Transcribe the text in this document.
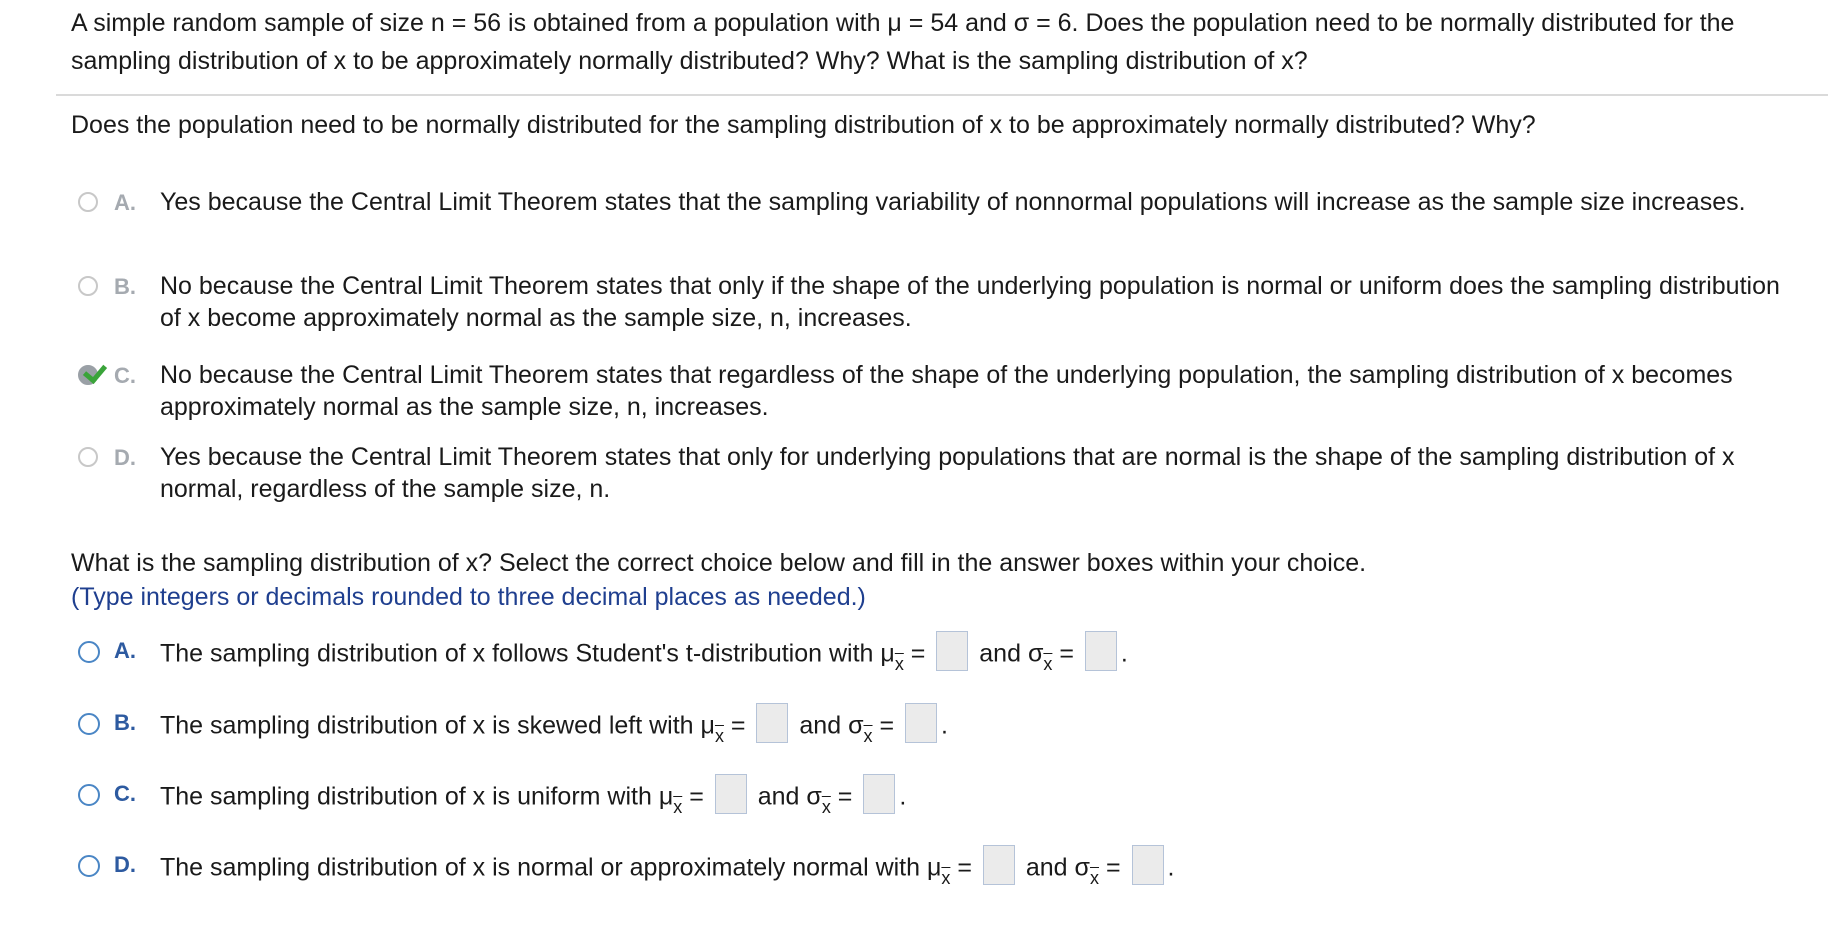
A simple random sample of size n = 56 is obtained from a population with μ = 54 and σ = 6. Does the population need to be normally distributed for the sampling distribution of x to be approximately normally distributed? Why? What is the sampling distribution of x?
Does the population need to be normally distributed for the sampling distribution of x to be approximately normally distributed? Why?
A. Yes because the Central Limit Theorem states that the sampling variability of nonnormal populations will increase as the sample size increases.
B. No because the Central Limit Theorem states that only if the shape of the underlying population is normal or uniform does the sampling distribution of x become approximately normal as the sample size, n, increases.
C. No because the Central Limit Theorem states that regardless of the shape of the underlying population, the sampling distribution of x becomes approximately normal as the sample size, n, increases.
D. Yes because the Central Limit Theorem states that only for underlying populations that are normal is the shape of the sampling distribution of x normal, regardless of the sample size, n.
What is the sampling distribution of x? Select the correct choice below and fill in the answer boxes within your choice.
(Type integers or decimals rounded to three decimal places as needed.)
A. The sampling distribution of x follows Student's t-distribution with $\mu_{\overline{x}}$ = and $\sigma_{\overline{x}}$ = .
B. The sampling distribution of x is skewed left with $\mu_{\overline{x}}$ = and $\sigma_{\overline{x}}$ = .
C. The sampling distribution of x is uniform with $\mu_{\overline{x}}$ = and $\sigma_{\overline{x}}$ = .
D. The sampling distribution of x is normal or approximately normal with $\mu_{\overline{x}}$ = and $\sigma_{\overline{x}}$ = .
